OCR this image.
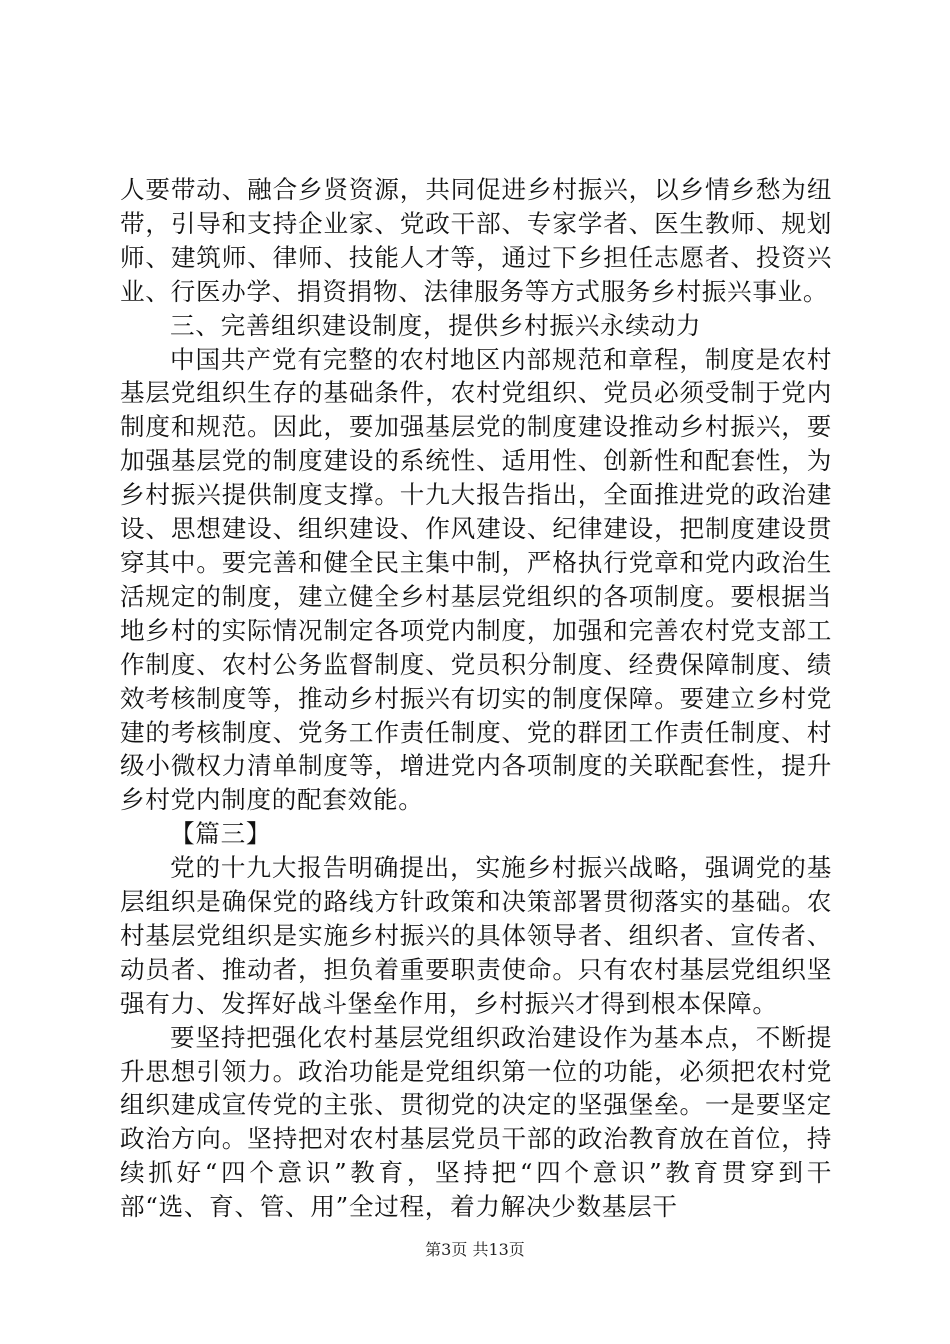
人要带动、融合乡贤资源，共同促进乡村振兴，以乡情乡愁为纽带，引导和支持企业家、党政干部、专家学者、医生教师、规划师、建筑师、律师、技能人才等，通过下乡担任志愿者、投资兴业、行医办学、捐资捐物、法律服务等方式服务乡村振兴事业。

三、完善组织建设制度，提供乡村振兴永续动力

中国共产党有完整的农村地区内部规范和章程，制度是农村基层党组织生存的基础条件，农村党组织、党员必须受制于党内制度和规范。因此，要加强基层党的制度建设推动乡村振兴，要加强基层党的制度建设的系统性、适用性、创新性和配套性，为乡村振兴提供制度支撑。十九大报告指出，全面推进党的政治建设、思想建设、组织建设、作风建设、纪律建设，把制度建设贯穿其中。要完善和健全民主集中制，严格执行党章和党内政治生活规定的制度，建立健全乡村基层党组织的各项制度。要根据当地乡村的实际情况制定各项党内制度，加强和完善农村党支部工作制度、农村公务监督制度、党员积分制度、经费保障制度、绩效考核制度等，推动乡村振兴有切实的制度保障。要建立乡村党建的考核制度、党务工作责任制度、党的群团工作责任制度、村级小微权力清单制度等，增进党内各项制度的关联配套性，提升乡村党内制度的配套效能。

【篇三】

党的十九大报告明确提出，实施乡村振兴战略，强调党的基层组织是确保党的路线方针政策和决策部署贯彻落实的基础。农村基层党组织是实施乡村振兴的具体领导者、组织者、宣传者、动员者、推动者，担负着重要职责使命。只有农村基层党组织坚强有力、发挥好战斗堡垒作用，乡村振兴才得到根本保障。

要坚持把强化农村基层党组织政治建设作为基本点，不断提升思想引领力。政治功能是党组织第一位的功能，必须把农村党组织建成宣传党的主张、贯彻党的决定的坚强堡垒。一是要坚定政治方向。坚持把对农村基层党员干部的政治教育放在首位，持续抓好“四个意识”教育，坚持把“四个意识”教育贯穿到干部“选、育、管、用”全过程，着力解决少数基层干

第3页 共13页
